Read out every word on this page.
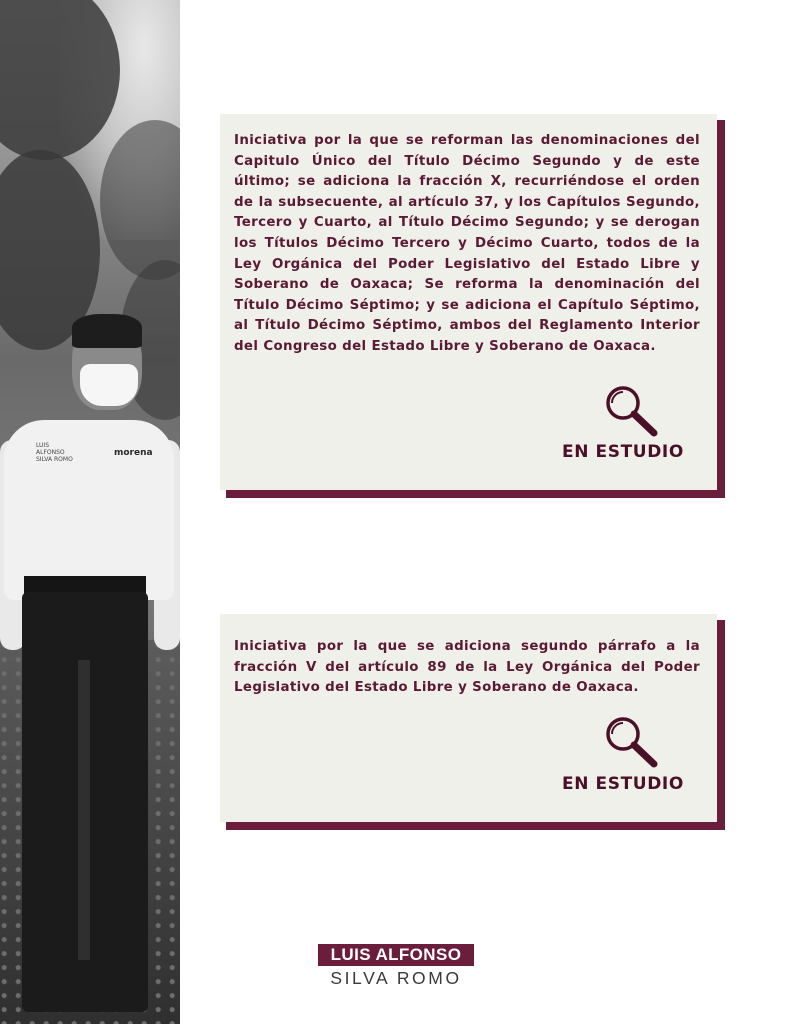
LUIS ALFONSO SILVA ROMO
morena
Iniciativa por la que se reforman las denominaciones del Capitulo Único del Título Décimo Segundo y de este último; se adiciona la fracción X, recurriéndose el orden de la subsecuente, al artículo 37, y los Capítulos Segundo, Tercero y Cuarto, al Título Décimo Segundo; y se derogan los Títulos Décimo Tercero y Décimo Cuarto, todos de la Ley Orgánica del Poder Legislativo del Estado Libre y Soberano de Oaxaca; Se reforma la denominación del Título Décimo Séptimo; y se adiciona el Capítulo Séptimo, al Título Décimo Séptimo, ambos del Reglamento Interior del Congreso del Estado Libre y Soberano de Oaxaca.
EN ESTUDIO
Iniciativa por la que se adiciona segundo párrafo a la fracción V del artículo 89 de la Ley Orgánica del Poder Legislativo del Estado Libre y Soberano de Oaxaca.
EN ESTUDIO
LUIS ALFONSO
SILVA ROMO
